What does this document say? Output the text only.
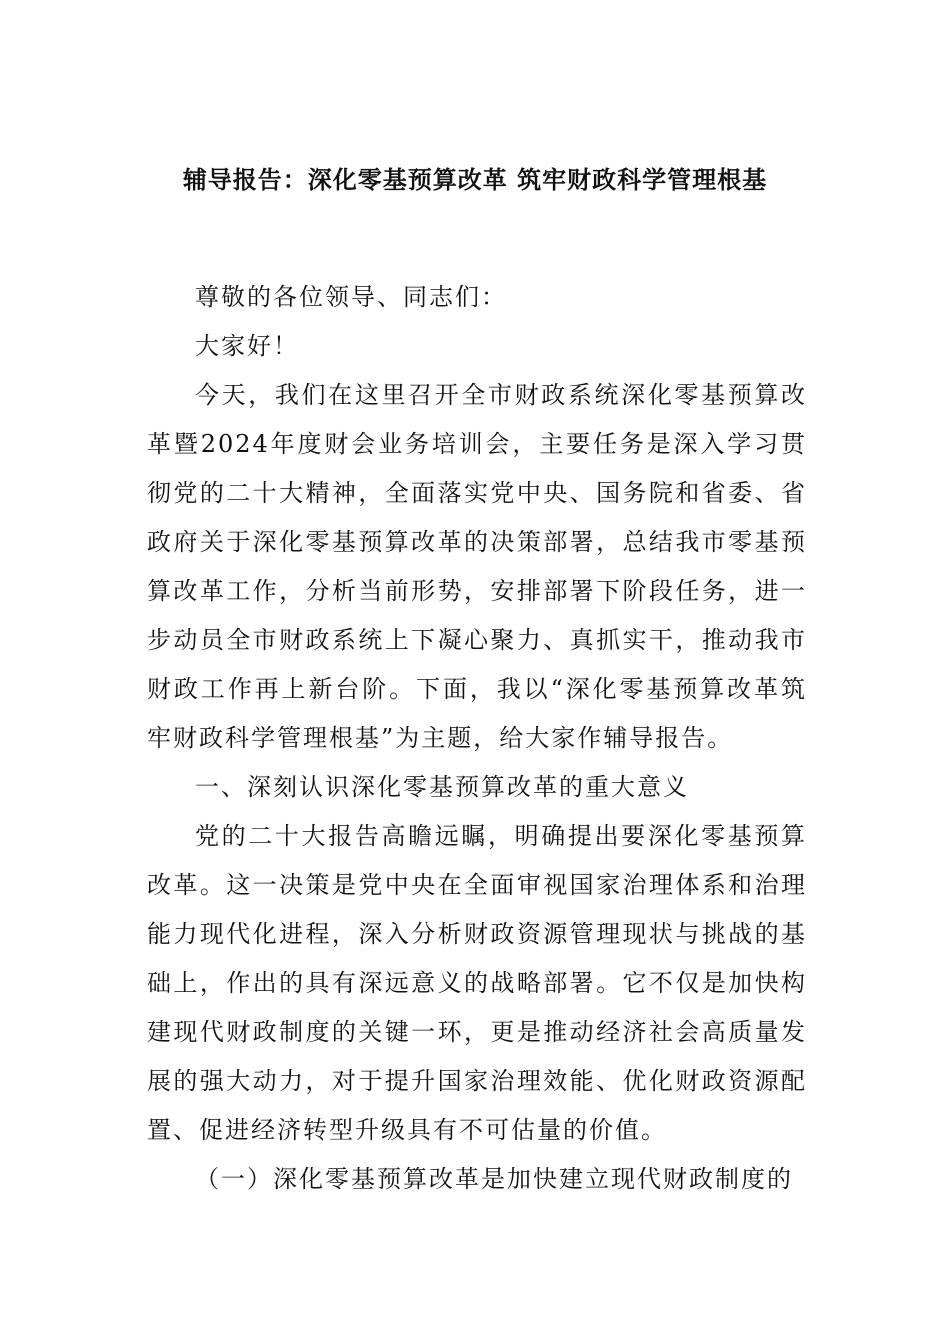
辅导报告：深化零基预算改革 筑牢财政科学管理根基

尊敬的各位领导、同志们：

大家好！

今天，我们在这里召开全市财政系统深化零基预算改革暨2024年度财会业务培训会，主要任务是深入学习贯彻党的二十大精神，全面落实党中央、国务院和省委、省政府关于深化零基预算改革的决策部署，总结我市零基预算改革工作，分析当前形势，安排部署下阶段任务，进一步动员全市财政系统上下凝心聚力、真抓实干，推动我市财政工作再上新台阶。下面，我以“深化零基预算改革筑牢财政科学管理根基”为主题，给大家作辅导报告。

一、深刻认识深化零基预算改革的重大意义

党的二十大报告高瞻远瞩，明确提出要深化零基预算改革。这一决策是党中央在全面审视国家治理体系和治理能力现代化进程，深入分析财政资源管理现状与挑战的基础上，作出的具有深远意义的战略部署。它不仅是加快构建现代财政制度的关键一环，更是推动经济社会高质量发展的强大动力，对于提升国家治理效能、优化财政资源配置、促进经济转型升级具有不可估量的价值。

（一）深化零基预算改革是加快建立现代财政制度的
